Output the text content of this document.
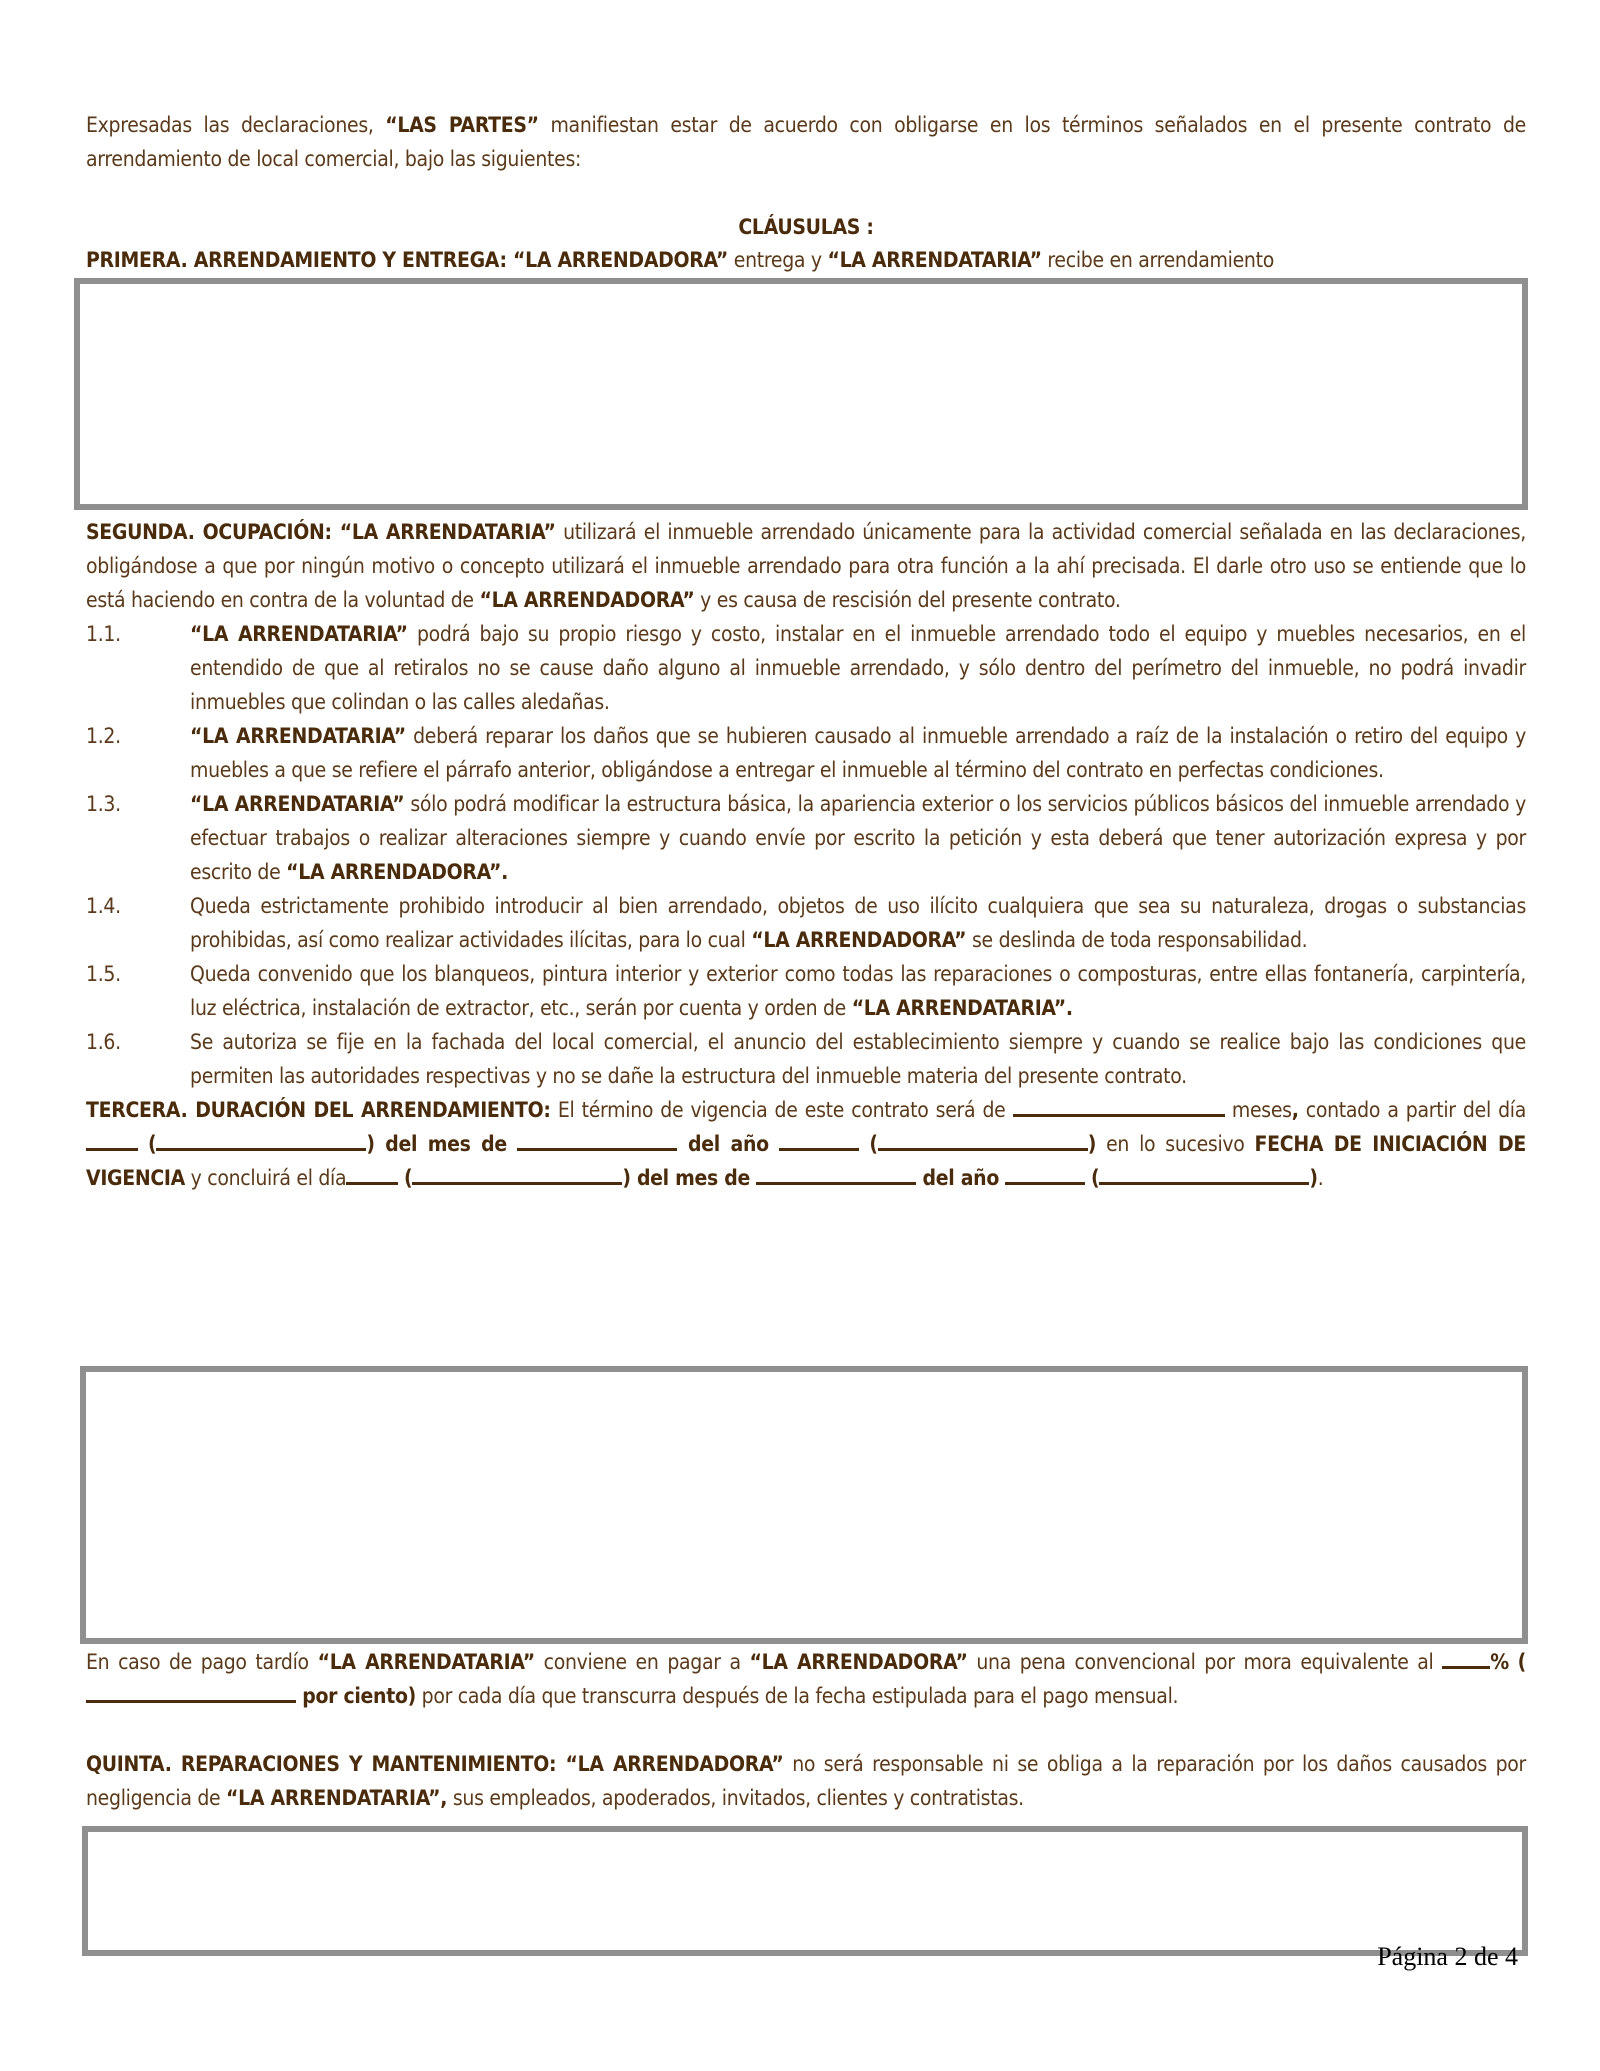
Expresadas las declaraciones, “LAS PARTES” manifiestan estar de acuerdo con obligarse en los términos señalados en el presente contrato de arrendamiento de local comercial, bajo las siguientes:

CLÁUSULAS :

PRIMERA. ARRENDAMIENTO Y ENTREGA: “LA ARRENDADORA” entrega y “LA ARRENDATARIA” recibe en arrendamiento

SEGUNDA. OCUPACIÓN: “LA ARRENDATARIA” utilizará el inmueble arrendado únicamente para la actividad comercial señalada en las declaraciones, obligándose a que por ningún motivo o concepto utilizará el inmueble arrendado para otra función a la ahí precisada. El darle otro uso se entiende que lo está haciendo en contra de la voluntad de “LA ARRENDADORA” y es causa de rescisión del presente contrato.

1.1.	“LA ARRENDATARIA” podrá bajo su propio riesgo y costo, instalar en el inmueble arrendado todo el equipo y muebles necesarios, en el entendido de que al retiralos no se cause daño alguno al inmueble arrendado, y sólo dentro del perímetro del inmueble, no podrá invadir inmuebles que colindan o las calles aledañas.

1.2.	“LA ARRENDATARIA” deberá reparar los daños que se hubieren causado al inmueble arrendado a raíz de la instalación o retiro del equipo y muebles a que se refiere el párrafo anterior, obligándose a entregar el inmueble al término del contrato en perfectas condiciones.

1.3.	“LA ARRENDATARIA” sólo podrá modificar la estructura básica, la apariencia exterior o los servicios públicos básicos del inmueble arrendado y efectuar trabajos o realizar alteraciones siempre y cuando envíe por escrito la petición y esta deberá que tener autorización expresa y por escrito de “LA ARRENDADORA”.

1.4.	Queda estrictamente prohibido introducir al bien arrendado, objetos de uso ilícito cualquiera que sea su naturaleza, drogas o substancias prohibidas, así como realizar actividades ilícitas, para lo cual “LA ARRENDADORA” se deslinda de toda responsabilidad.

1.5.	Queda convenido que los blanqueos, pintura interior y exterior como todas las reparaciones o composturas, entre ellas fontanería, carpintería, luz eléctrica, instalación de extractor, etc., serán por cuenta y orden de “LA ARRENDATARIA”.

1.6.	Se autoriza se fije en la fachada del local comercial, el anuncio del establecimiento siempre y cuando se realice bajo las condiciones que permiten las autoridades respectivas y no se dañe la estructura del inmueble materia del presente contrato.

TERCERA. DURACIÓN DEL ARRENDAMIENTO: El término de vigencia de este contrato será de	meses, contado a partir del día  (	) del mes de	del año	(	) en lo sucesivo FECHA DE INICIACIÓN DE VIGENCIA y concluirá el día	(	) del mes de	del año	(	).

En caso de pago tardío “LA ARRENDATARIA” conviene en pagar a “LA ARRENDADORA” una pena convencional por mora equivalente al % ( por ciento) por cada día que transcurra después de la fecha estipulada para el pago mensual.

QUINTA. REPARACIONES Y MANTENIMIENTO: “LA ARRENDADORA” no será responsable ni se obliga a la reparación por los daños causados por negligencia de “LA ARRENDATARIA”, sus empleados, apoderados, invitados, clientes y contratistas.

Página 2 de 4
